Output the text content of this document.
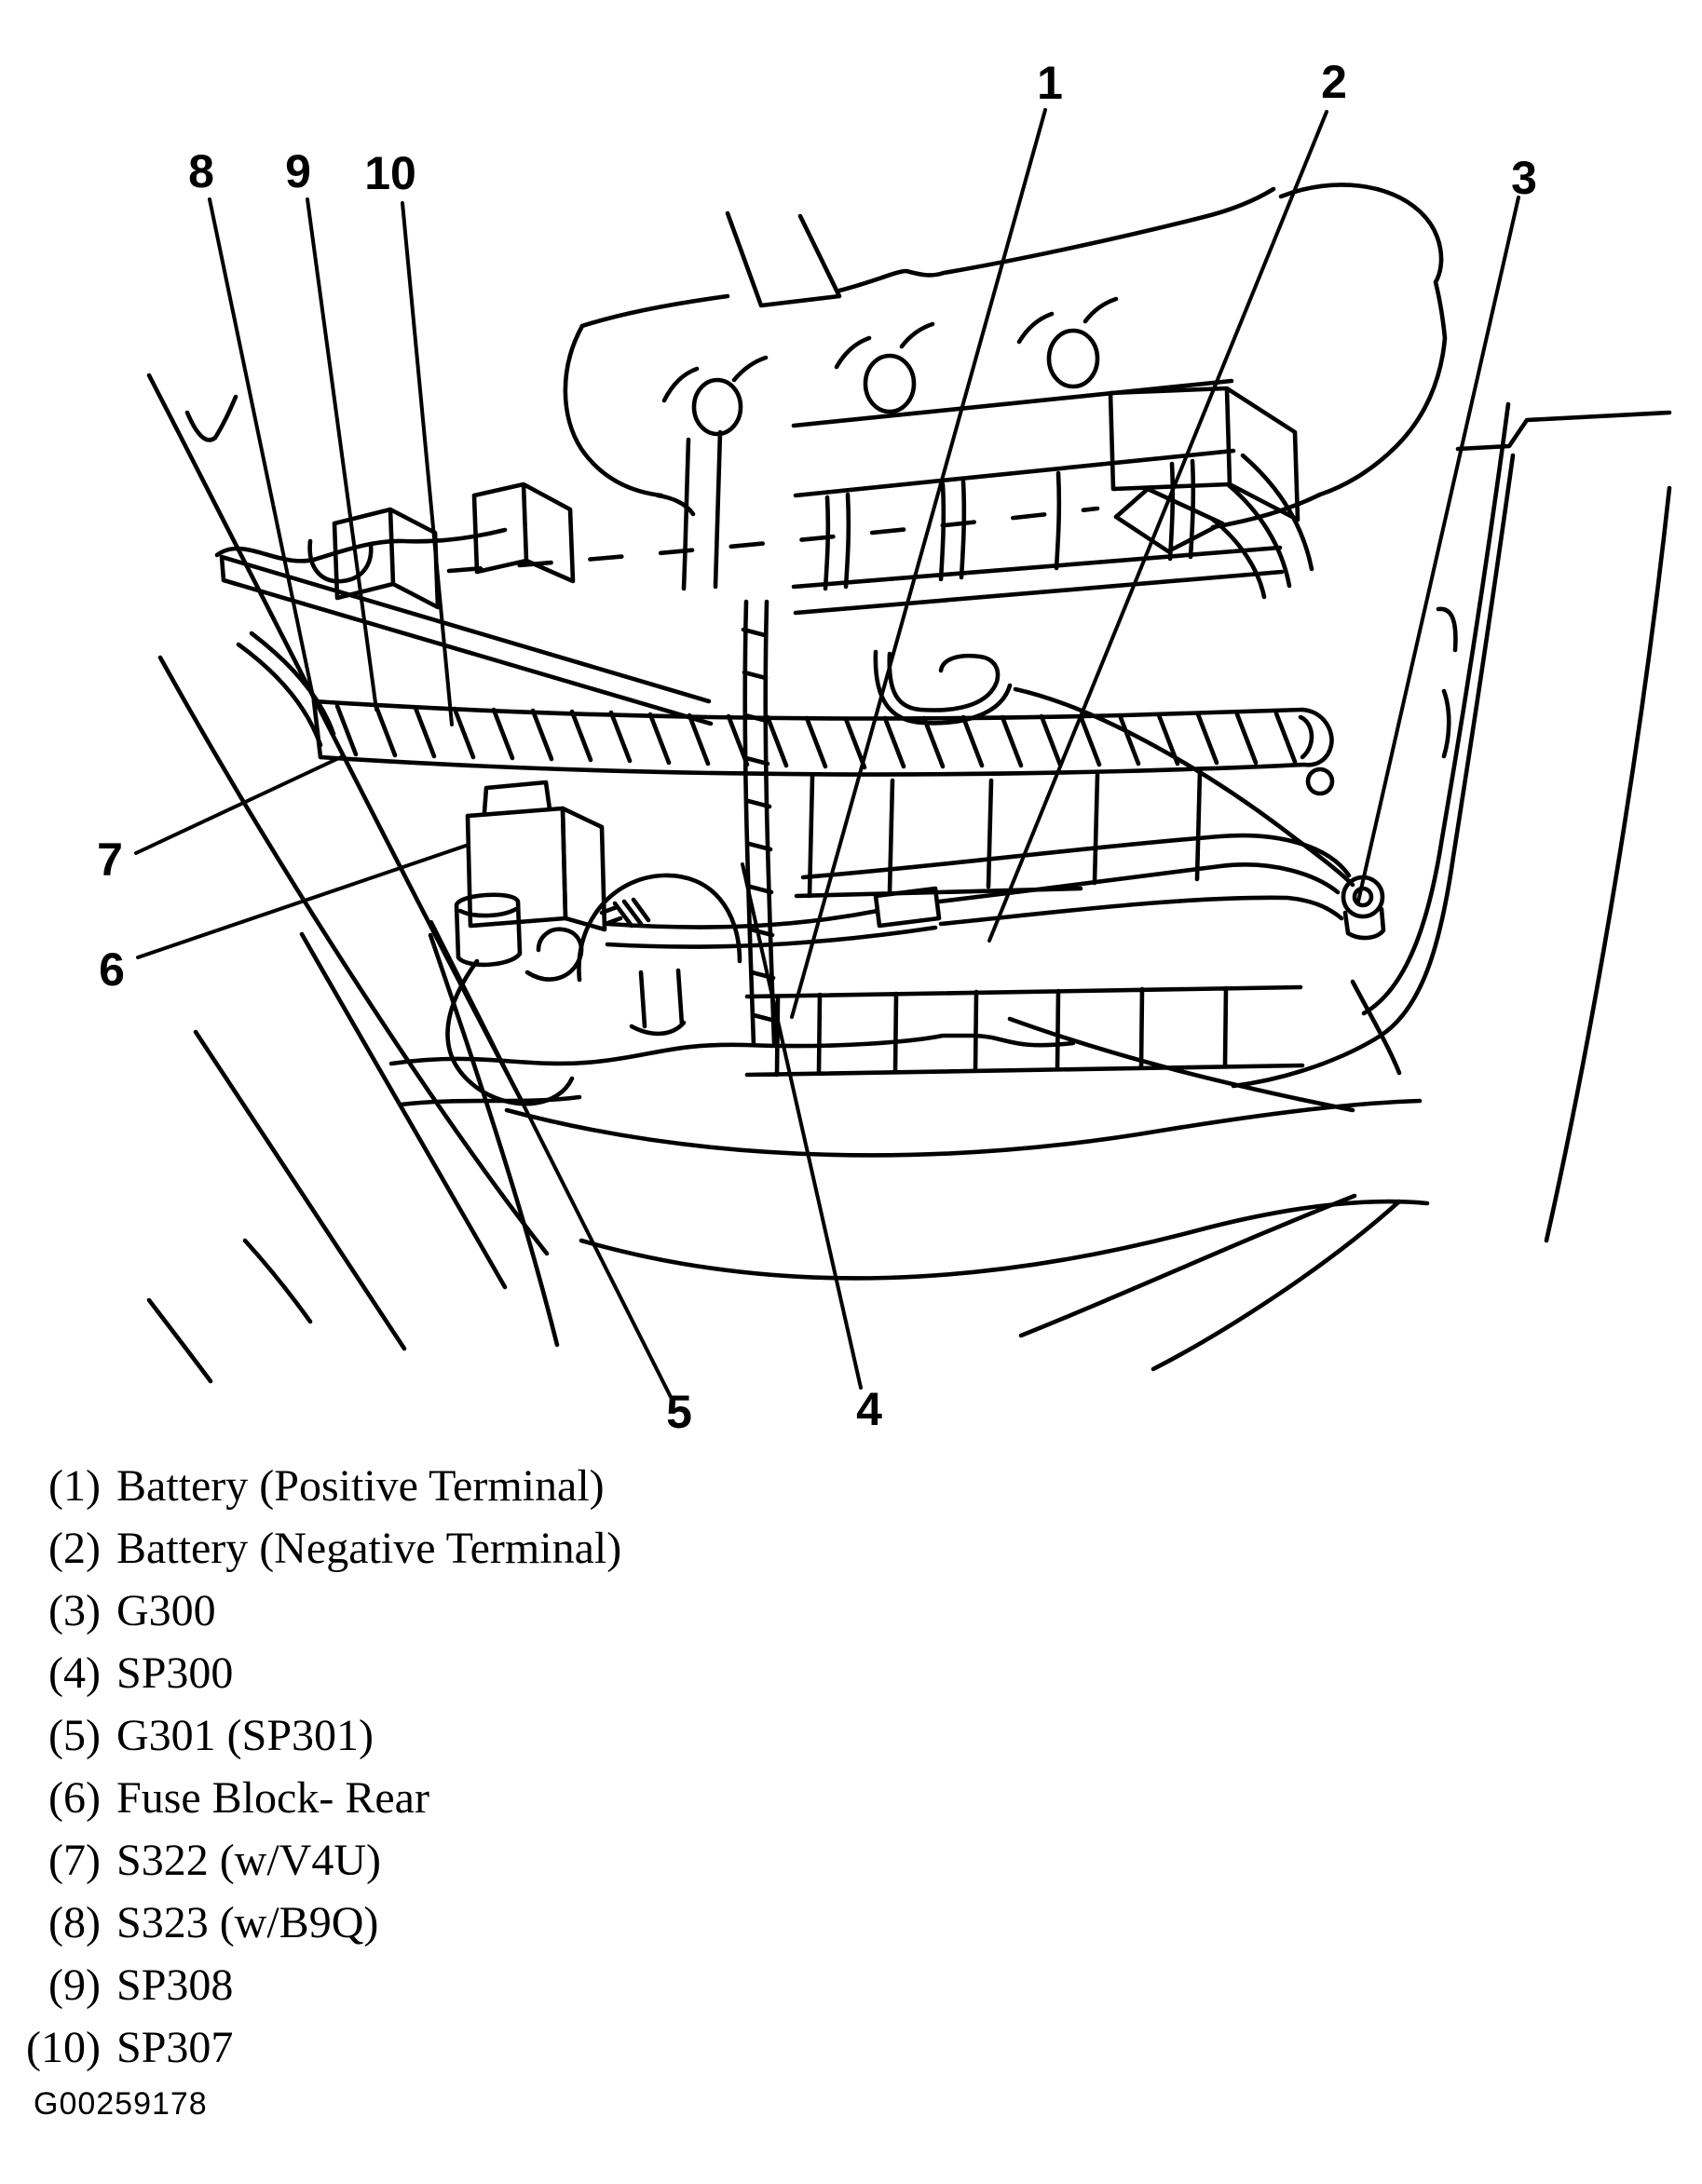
1	2
3
4
5
6
7
8 9 10
(1) Battery (Positive Terminal)
(2) Battery (Negative Terminal)
(3) G300
(4) SP300
(5) G301 (SP301)
(6) Fuse Block- Rear
(7) S322 (w/V4U)
(8) S323 (w/B9Q)
(9) SP308
(10) SP307
G00259178
